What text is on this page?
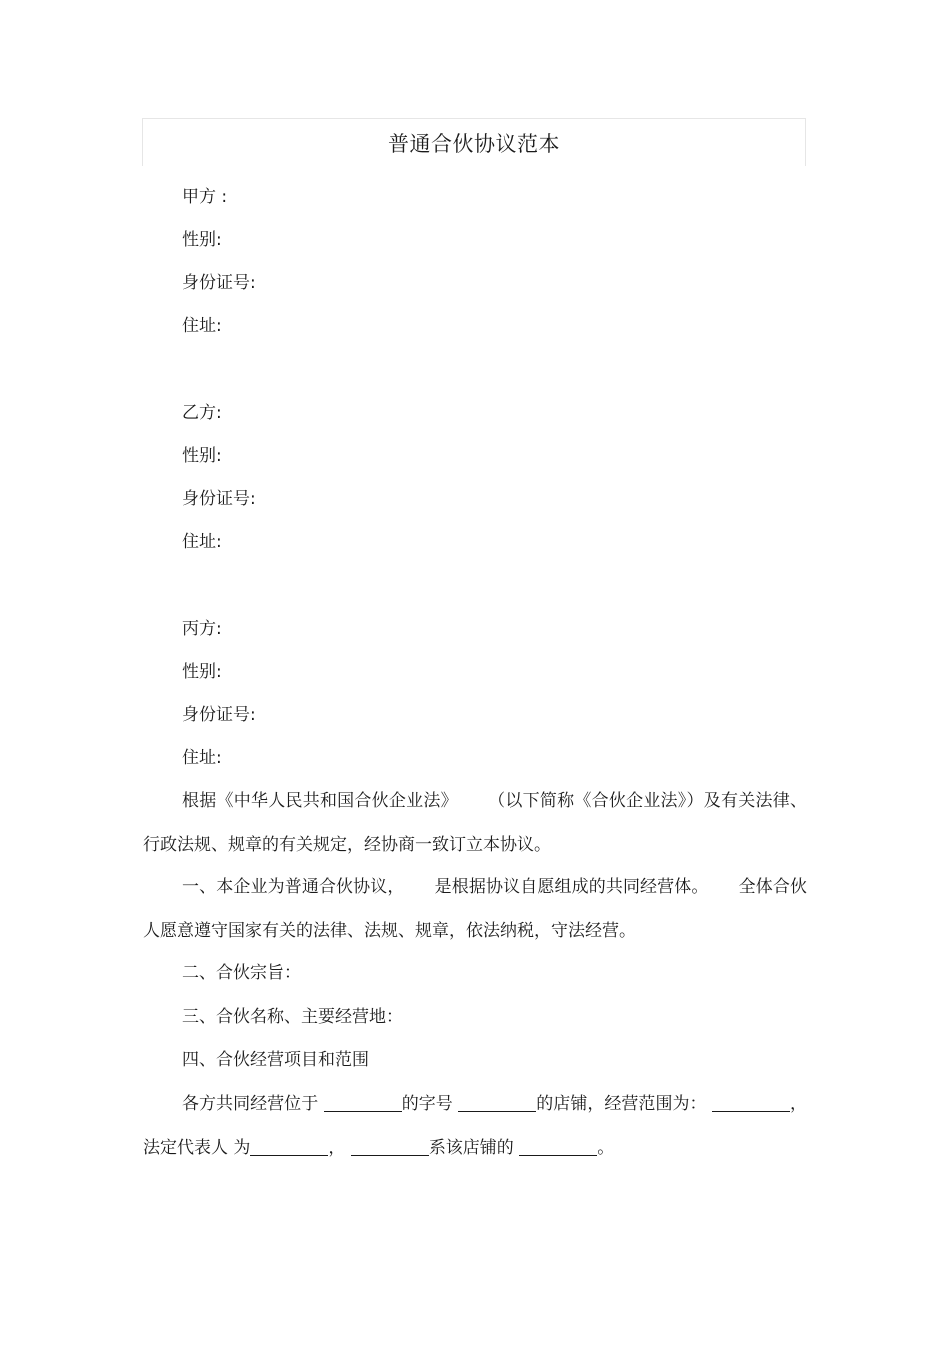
普通合伙协议范本
甲方 :
性别:
身份证号:
住址:
乙方:
性别:
身份证号:
住址:
丙方:
性别:
身份证号:
住址:
根据《中华人民共和国合伙企业法》 （以下简称《合伙企业法》）及有关法律、行政法规、规章的有关规定，经协商一致订立本协议。
一、本企业为普通合伙协议， 是根据协议自愿组成的共同经营体。 全体合伙人愿意遵守国家有关的法律、法规、规章，依法纳税，守法经营。
二、合伙宗旨：
三、合伙名称、主要经营地：
四、合伙经营项目和范围
各方共同经营位于	的字号	的店铺，经营范围为：	，法定代表人 为	，	系该店铺的	。
